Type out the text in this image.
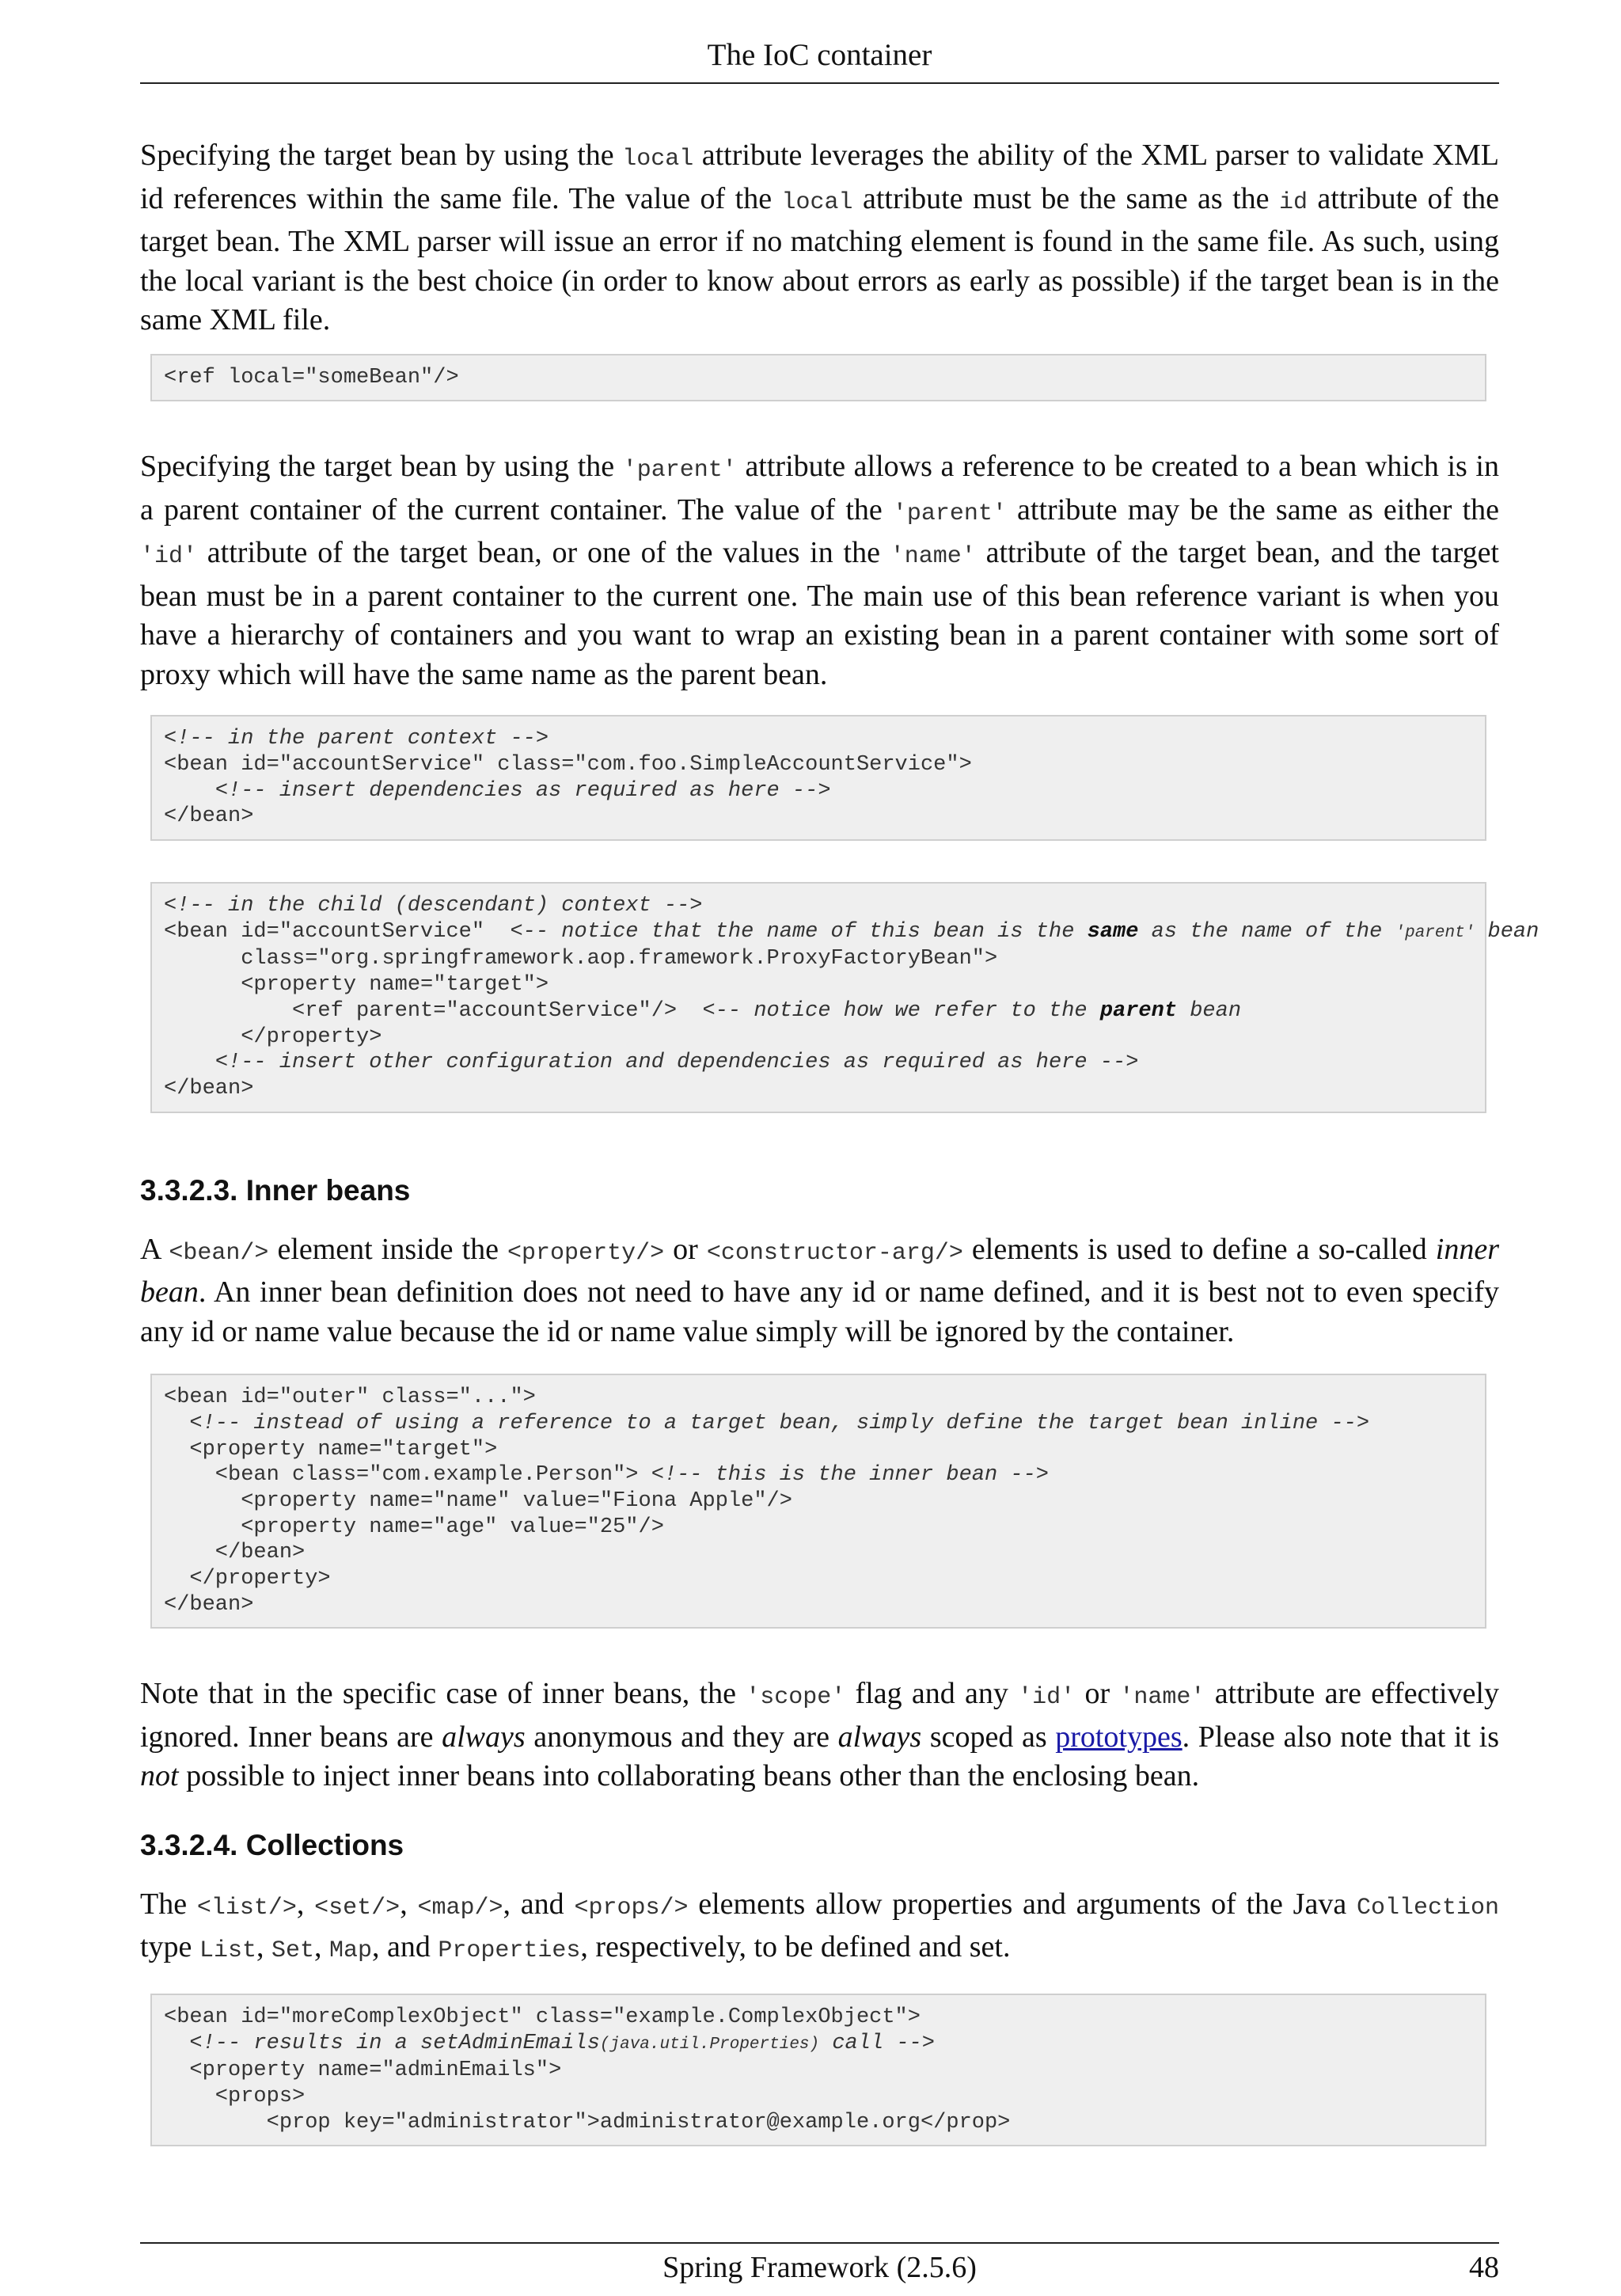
The IoC container

Specifying the target bean by using the local attribute leverages the ability of the XML parser to validate XML id references within the same file. The value of the local attribute must be the same as the id attribute of the target bean. The XML parser will issue an error if no matching element is found in the same file. As such, using the local variant is the best choice (in order to know about errors as early as possible) if the target bean is in the same XML file.

<ref local="someBean"/>

Specifying the target bean by using the 'parent' attribute allows a reference to be created to a bean which is in a parent container of the current container. The value of the 'parent' attribute may be the same as either the 'id' attribute of the target bean, or one of the values in the 'name' attribute of the target bean, and the target bean must be in a parent container to the current one. The main use of this bean reference variant is when you have a hierarchy of containers and you want to wrap an existing bean in a parent container with some sort of proxy which will have the same name as the parent bean.

<!-- in the parent context -->
<bean id="accountService" class="com.foo.SimpleAccountService">
<!-- insert dependencies as required as here -->
</bean>
<!-- in the child (descendant) context -->
<bean id="accountService"  <-- notice that the name of this bean is the same as the name of the 'parent' bean
class="org.springframework.aop.framework.ProxyFactoryBean">
<property name="target">
<ref parent="accountService"/>  <-- notice how we refer to the parent bean
</property>
<!-- insert other configuration and dependencies as required as here -->
</bean>
3.3.2.3. Inner beans

A <bean/> element inside the <property/> or <constructor-arg/> elements is used to define a so-called inner bean. An inner bean definition does not need to have any id or name defined, and it is best not to even specify any id or name value because the id or name value simply will be ignored by the container.

<bean id="outer" class="...">
<!-- instead of using a reference to a target bean, simply define the target bean inline -->
<property name="target">
<bean class="com.example.Person"> <!-- this is the inner bean -->
<property name="name" value="Fiona Apple"/>
<property name="age" value="25"/>
</bean>
</property>
</bean>

Note that in the specific case of inner beans, the 'scope' flag and any 'id' or 'name' attribute are effectively ignored. Inner beans are always anonymous and they are always scoped as prototypes. Please also note that it is not possible to inject inner beans into collaborating beans other than the enclosing bean.

3.3.2.4. Collections

The <list/>, <set/>, <map/>, and <props/> elements allow properties and arguments of the Java Collection type List, Set, Map, and Properties, respectively, to be defined and set.

<bean id="moreComplexObject" class="example.ComplexObject">
<!-- results in a setAdminEmails(java.util.Properties) call -->
<property name="adminEmails">
<props>
<prop key="administrator">administrator@example.org</prop>
Spring Framework (2.5.6)	48
